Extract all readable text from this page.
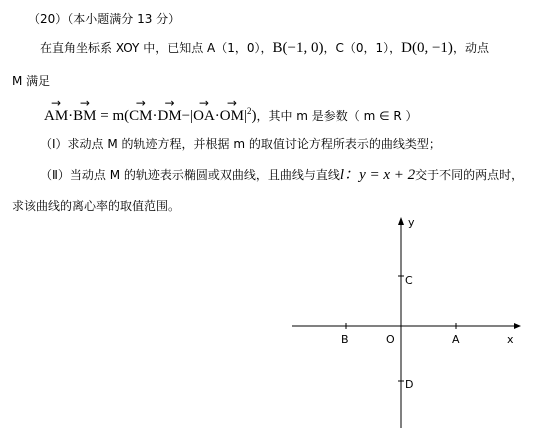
（20）（本小题满分 13 分）
在直角坐标系 XOY 中，已知点 A（1，0），B(−1, 0)，C（0，1），D(0, −1)，动点
M 满足
→ AM·→ BM = $m(\to CM\cdot\to DM-|\to OA\cdot\to OM|^2)$，其中 m 是参数（ m ∈ R ）
（Ⅰ）求动点 M 的轨迹方程，并根据 m 的取值讨论方程所表示的曲线类型；
（Ⅱ）当动点 M 的轨迹表示椭圆或双曲线，且曲线与直线l：y = x + 2交于不同的两点时，
求该曲线的离心率的取值范围。
x
y
O	A
B
C
D
